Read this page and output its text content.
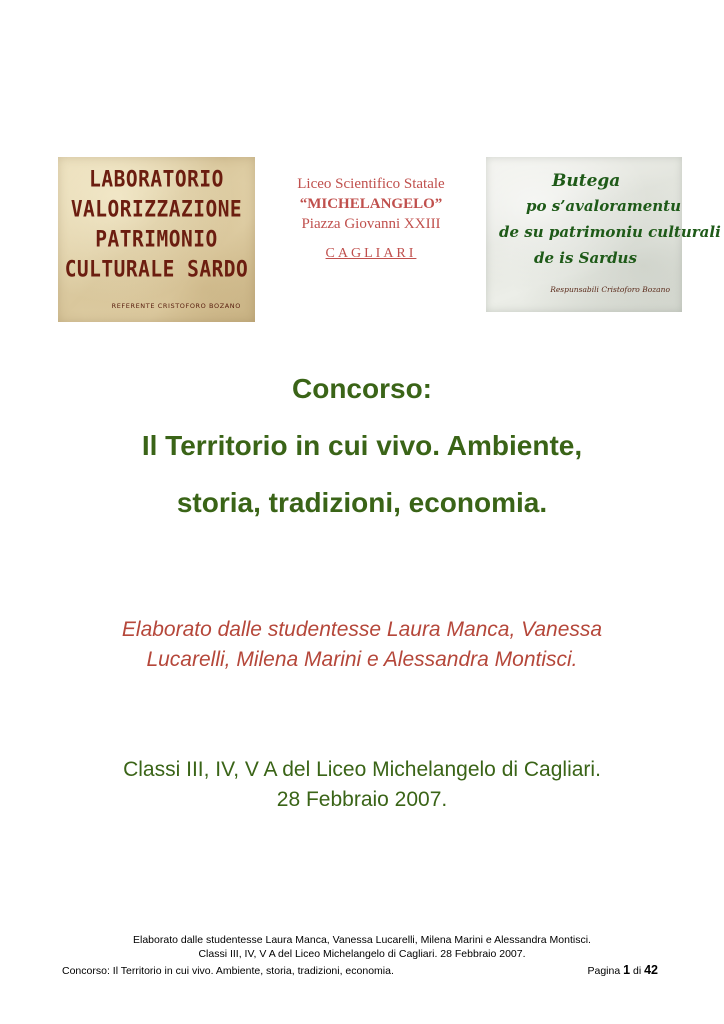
LABORATORIO
VALORIZZAZIONE
PATRIMONIO
CULTURALE SARDO
REFERENTE CRISTOFORO BOZANO
Liceo Scientifico Statale
“MICHELANGELO”
Piazza Giovanni XXIII
CAGLIARI
Butega
po s’avaloramentu
de su patrimoniu culturali
de is Sardus
Respunsabili Cristoforo Bozano
Concorso:
Il Territorio in cui vivo. Ambiente,
storia, tradizioni, economia.
Elaborato dalle studentesse Laura Manca, Vanessa
Lucarelli, Milena Marini e Alessandra Montisci.
Classi III, IV, V A del Liceo Michelangelo di Cagliari.
28 Febbraio 2007.
Elaborato dalle studentesse Laura Manca, Vanessa Lucarelli, Milena Marini e Alessandra Montisci.
Classi III, IV, V A del Liceo Michelangelo di Cagliari. 28 Febbraio 2007.
Concorso: Il Territorio in cui vivo. Ambiente, storia, tradizioni, economia.	Pagina 1 di 42
